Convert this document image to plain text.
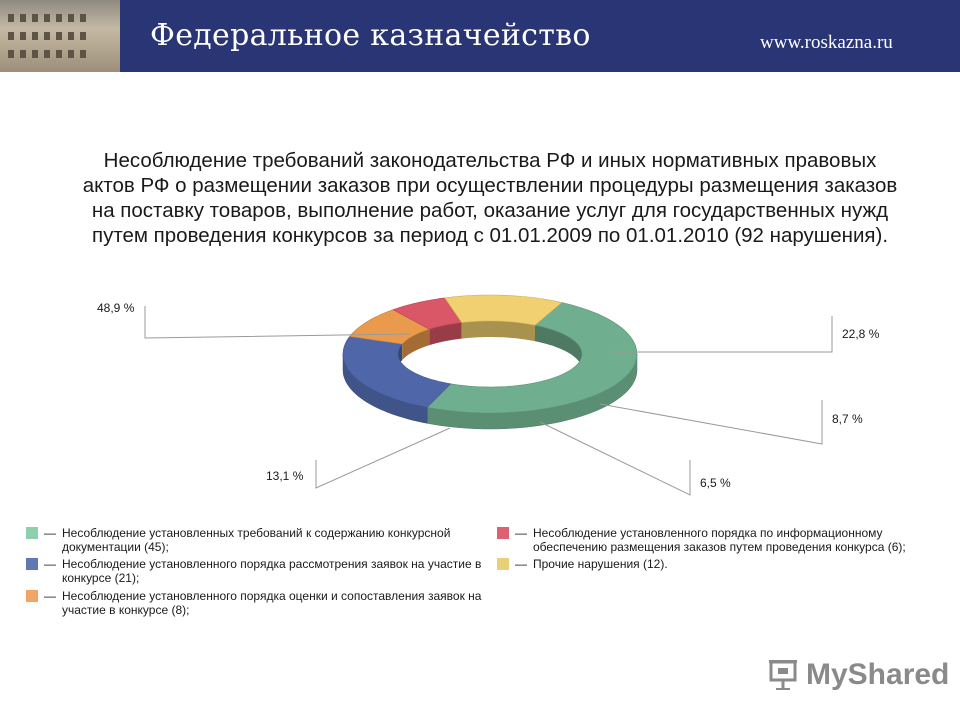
Федеральное казначейство	www.roskazna.ru
Несоблюдение требований законодательства РФ и иных нормативных правовых
актов РФ о размещении заказов при осуществлении процедуры размещения заказов
на поставку товаров, выполнение работ, оказание услуг для государственных нужд
путем проведения конкурсов за период с 01.01.2009 по 01.01.2010 (92 нарушения).
48,9 %
22,8 %
8,7 %
6,5 %
13,1 %
— Несоблюдение установленных требований к содержанию конкурсной документации (45);
— Несоблюдение установленного порядка рассмотрения заявок на участие в конкурсе (21);
— Несоблюдение установленного порядка оценки и сопоставления заявок на участие в конкурсе (8);
— Несоблюдение установленного порядка по информационному обеспечению размещения заказов путем проведения конкурса (6);
— Прочие нарушения (12).
MyShared
